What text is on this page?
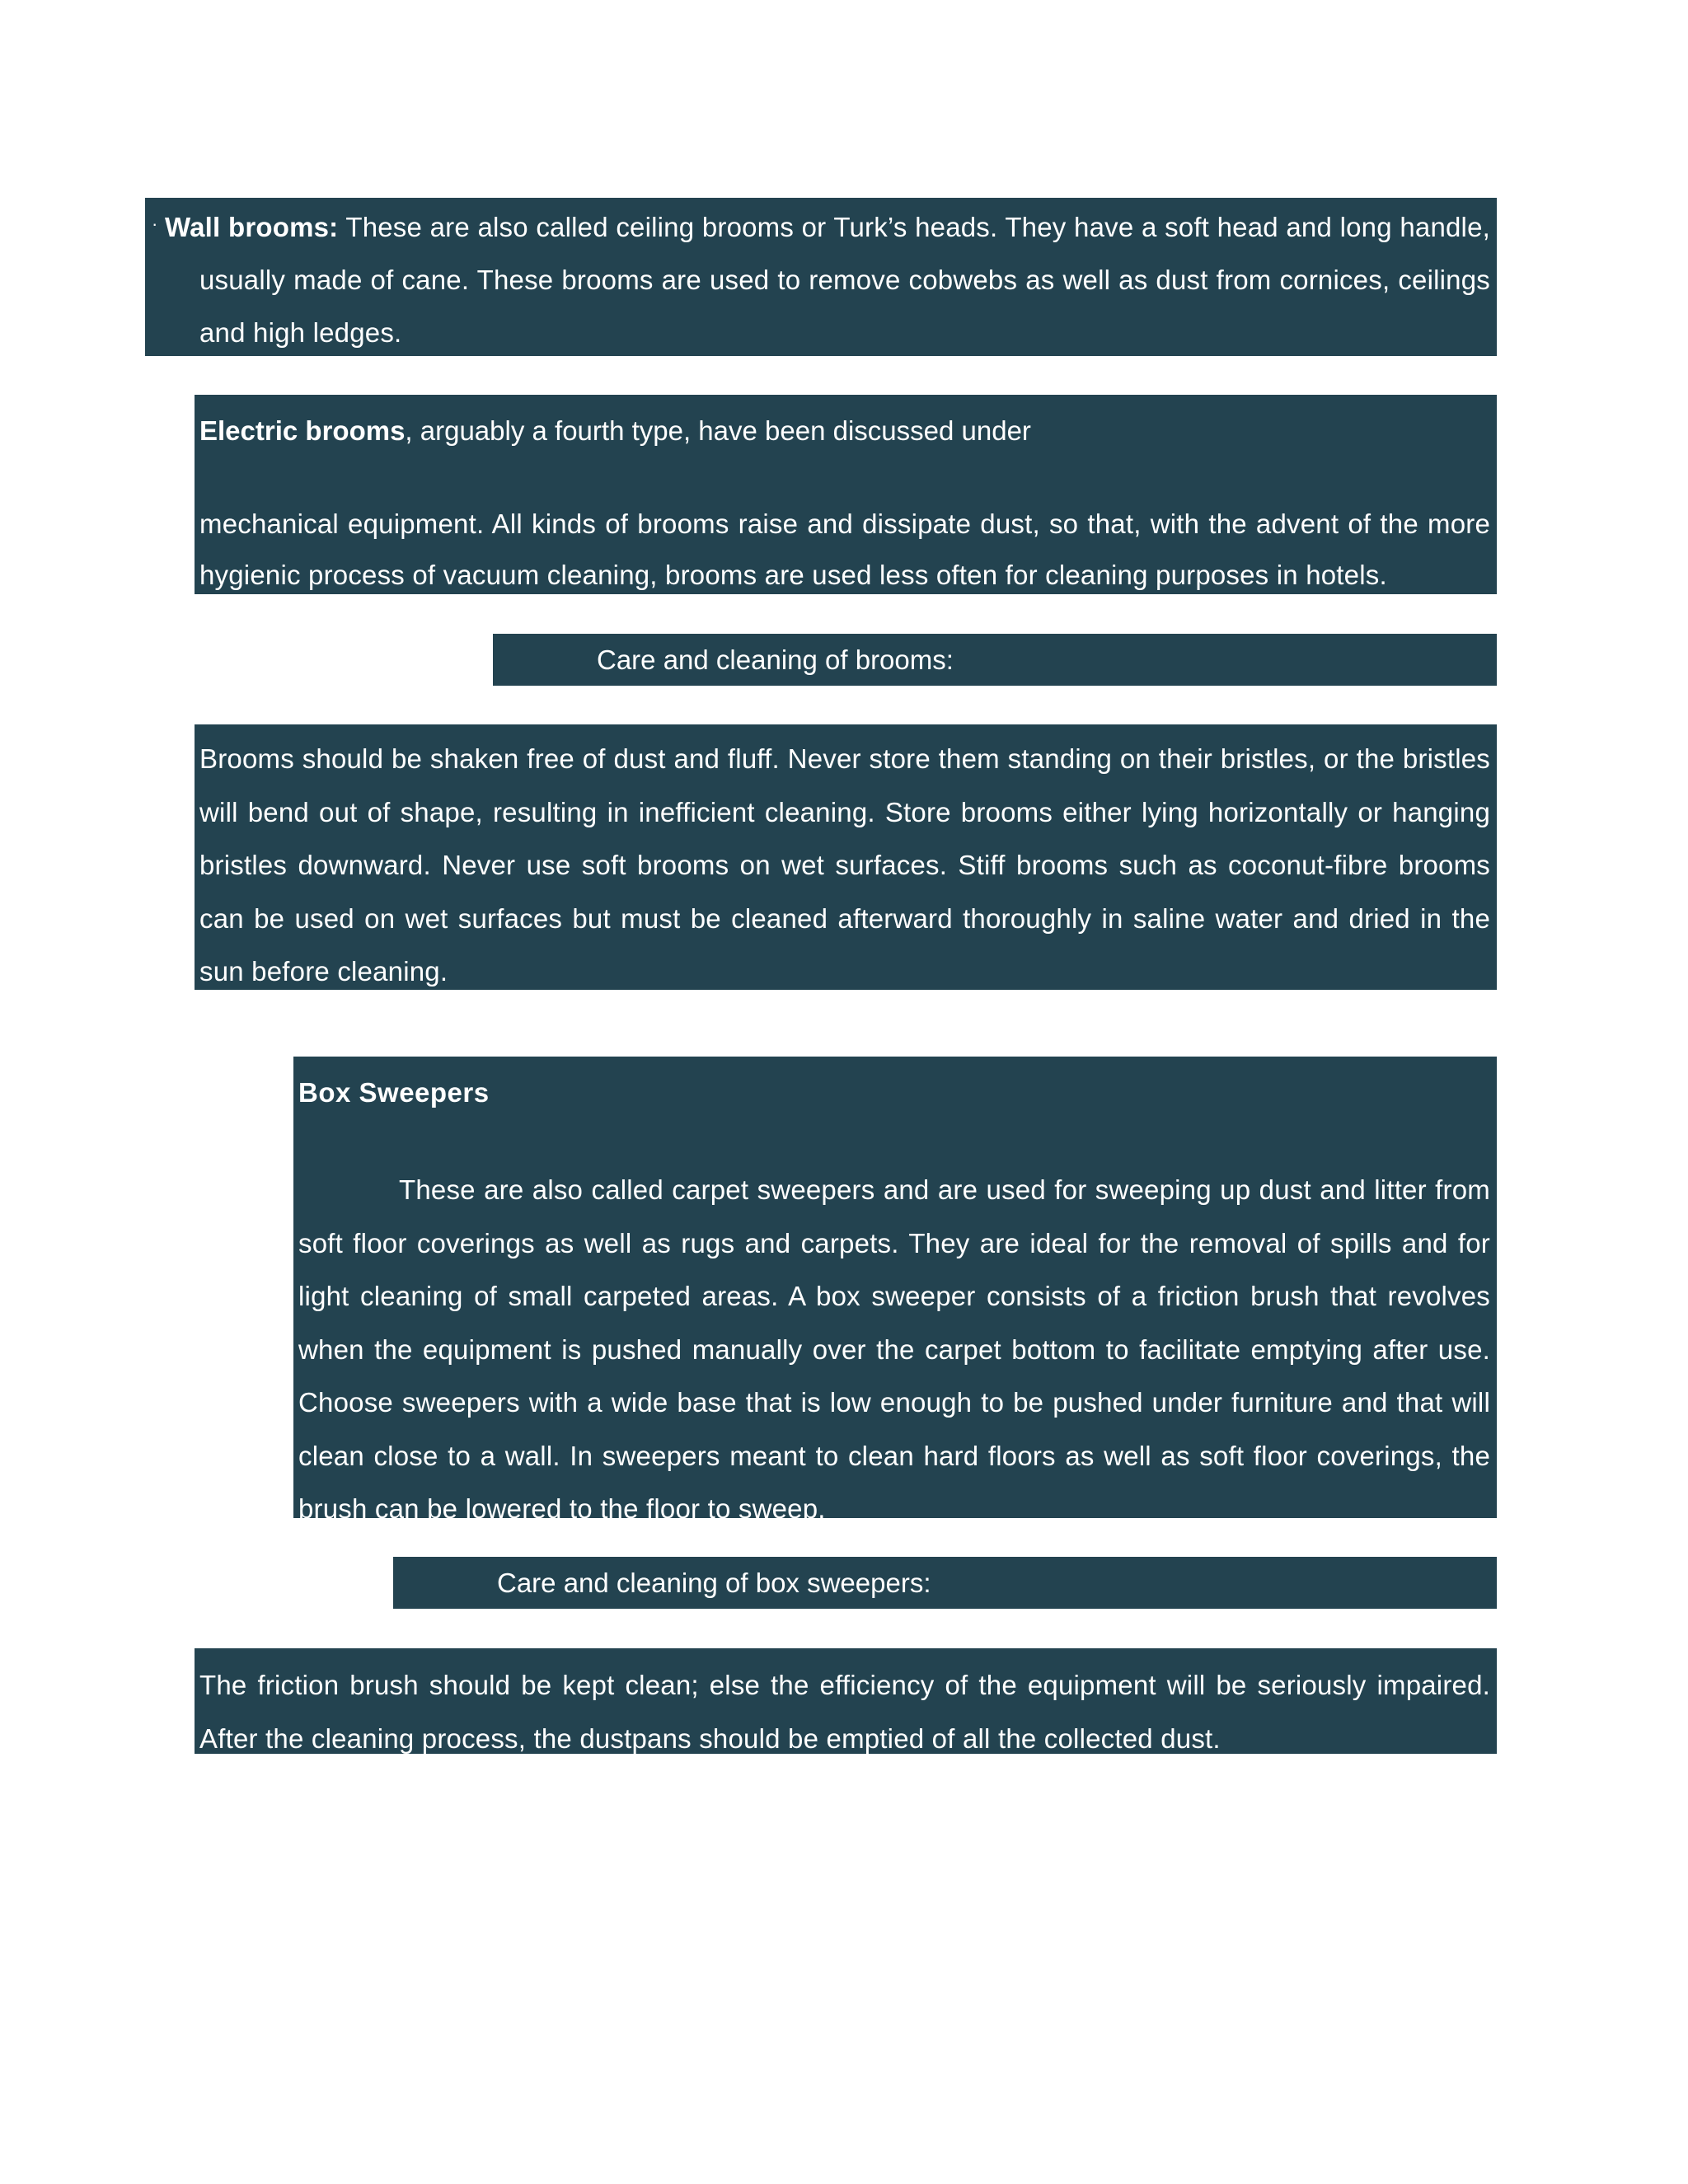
· Wall brooms: These are also called ceiling brooms or Turk’s heads. They have a soft head and long handle, usually made of cane. These brooms are used to remove cobwebs as well as dust from cornices, ceilings and high ledges.

Electric brooms, arguably a fourth type, have been discussed under

mechanical equipment. All kinds of brooms raise and dissipate dust, so that, with the advent of the more hygienic process of vacuum cleaning, brooms are used less often for cleaning purposes in hotels.

Care and cleaning of brooms:

Brooms should be shaken free of dust and fluff. Never store them standing on their bristles, or the bristles will bend out of shape, resulting in inefficient cleaning. Store brooms either lying horizontally or hanging bristles downward. Never use soft brooms on wet surfaces. Stiff brooms such as coconut-fibre brooms can be used on wet surfaces but must be cleaned afterward thoroughly in saline water and dried in the sun before cleaning.

Box Sweepers

These are also called carpet sweepers and are used for sweeping up dust and litter from soft floor coverings as well as rugs and carpets. They are ideal for the removal of spills and for light cleaning of small carpeted areas. A box sweeper consists of a friction brush that revolves when the equipment is pushed manually over the carpet bottom to facilitate emptying after use. Choose sweepers with a wide base that is low enough to be pushed under furniture and that will clean close to a wall. In sweepers meant to clean hard floors as well as soft floor coverings, the brush can be lowered to the floor to sweep.

Care and cleaning of box sweepers:

The friction brush should be kept clean; else the efficiency of the equipment will be seriously impaired. After the cleaning process, the dustpans should be emptied of all the collected dust.
